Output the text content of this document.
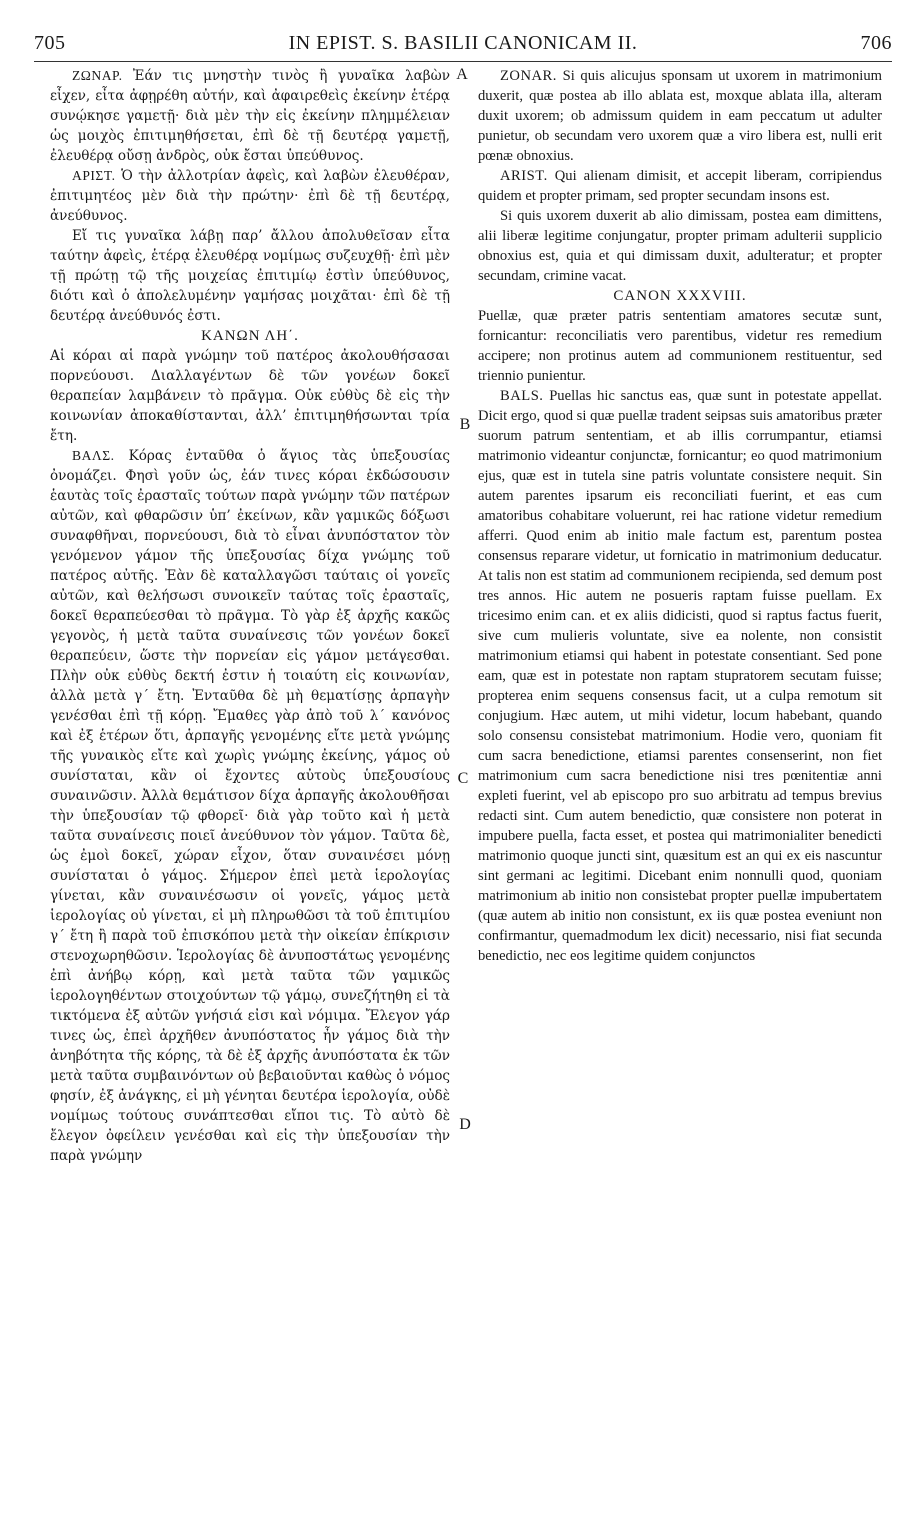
705	IN EPIST. S. BASILII CANONICAM II.	706
A
B
C
D

ΖΩΝΑΡ. Ἐάν τις μνηστὴν τινὸς ἢ γυναῖκα λαβὼν εἶχεν, εἶτα ἀφῃρέθη αὐτήν, καὶ ἀφαιρεθεὶς ἐκείνην ἑτέρᾳ συνῴκησε γαμετῇ· διὰ μὲν τὴν εἰς ἐκείνην πλημμέλειαν ὡς μοιχὸς ἐπιτιμηθήσεται, ἐπὶ δὲ τῇ δευτέρᾳ γαμετῇ, ἐλευθέρᾳ οὔσῃ ἀνδρὸς, οὐκ ἔσται ὑπεύθυνος.

ΑΡΙΣΤ. Ὁ τὴν ἀλλοτρίαν ἀφεὶς, καὶ λαβὼν ἐλευθέραν, ἐπιτιμητέος μὲν διὰ τὴν πρώτην· ἐπὶ δὲ τῇ δευτέρᾳ, ἀνεύθυνος.

Εἴ τις γυναῖκα λάβῃ παρ’ ἄλλου ἀπολυθεῖσαν εἶτα ταύτην ἀφεὶς, ἑτέρᾳ ἐλευθέρᾳ νομίμως συζευχθῇ· ἐπὶ μὲν τῇ πρώτῃ τῷ τῆς μοιχείας ἐπιτιμίῳ ἐστὶν ὑπεύθυνος, διότι καὶ ὁ ἀπολελυμένην γαμήσας μοιχᾶται· ἐπὶ δὲ τῇ δευτέρᾳ ἀνεύθυνός ἐστι.

ΚΑΝΩΝ ΛΗ΄.

Αἱ κόραι αἱ παρὰ γνώμην τοῦ πατέρος ἀκολουθήσασαι πορνεύουσι. Διαλλαγέντων δὲ τῶν γονέων δοκεῖ θεραπείαν λαμβάνειν τὸ πρᾶγμα. Οὐκ εὐθὺς δὲ εἰς τὴν κοινωνίαν ἀποκαθίστανται, ἀλλ’ ἐπιτιμηθήσωνται τρία ἔτη.

ΒΑΛΣ. Κόρας ἐνταῦθα ὁ ἅγιος τὰς ὑπεξουσίας ὀνομάζει. Φησὶ γοῦν ὡς, ἐάν τινες κόραι ἐκδώσουσιν ἑαυτὰς τοῖς ἐρασταῖς τούτων παρὰ γνώμην τῶν πατέρων αὐτῶν, καὶ φθαρῶσιν ὑπ’ ἐκείνων, κἂν γαμικῶς δόξωσι συναφθῆναι, πορνεύουσι, διὰ τὸ εἶναι ἀνυπόστατον τὸν γενόμενον γάμον τῆς ὑπεξουσίας δίχα γνώμης τοῦ πατέρος αὐτῆς. Ἐὰν δὲ καταλλαγῶσι ταύταις οἱ γονεῖς αὐτῶν, καὶ θελήσωσι συνοικεῖν ταύτας τοῖς ἐρασταῖς, δοκεῖ θεραπεύεσθαι τὸ πρᾶγμα. Τὸ γὰρ ἐξ ἀρχῆς κακῶς γεγονὸς, ἡ μετὰ ταῦτα συναίνεσις τῶν γονέων δοκεῖ θεραπεύειν, ὥστε τὴν πορνείαν εἰς γάμον μετάγεσθαι. Πλὴν οὐκ εὐθὺς δεκτή ἐστιν ἡ τοιαύτη εἰς κοινωνίαν, ἀλλὰ μετὰ γ΄ ἔτη. Ἐνταῦθα δὲ μὴ θεματίσῃς ἁρπαγὴν γενέσθαι ἐπὶ τῇ κόρῃ. Ἔμαθες γὰρ ἀπὸ τοῦ λ΄ κανόνος καὶ ἐξ ἑτέρων ὅτι, ἁρπαγῆς γενομένης εἴτε μετὰ γνώμης τῆς γυναικὸς εἴτε καὶ χωρὶς γνώμης ἐκείνης, γάμος οὐ συνίσταται, κἂν οἱ ἔχοντες αὐτοὺς ὑπεξουσίους συναινῶσιν. Ἀλλὰ θεμάτισον δίχα ἁρπαγῆς ἀκολουθῆσαι τὴν ὑπεξουσίαν τῷ φθορεῖ· διὰ γὰρ τοῦτο καὶ ἡ μετὰ ταῦτα συναίνεσις ποιεῖ ἀνεύθυνον τὸν γάμον. Ταῦτα δὲ, ὡς ἐμοὶ δοκεῖ, χώραν εἶχον, ὅταν συναινέσει μόνῃ συνίσταται ὁ γάμος. Σήμερον ἐπεὶ μετὰ ἱερολογίας γίνεται, κἂν συναινέσωσιν οἱ γονεῖς, γάμος μετὰ ἱερολογίας οὐ γίνεται, εἰ μὴ πληρωθῶσι τὰ τοῦ ἐπιτιμίου γ΄ ἔτη ἢ παρὰ τοῦ ἐπισκόπου μετὰ τὴν οἰκείαν ἐπίκρισιν στενοχωρηθῶσιν. Ἱερολογίας δὲ ἀνυποστάτως γενομένης ἐπὶ ἀνήβῳ κόρῃ, καὶ μετὰ ταῦτα τῶν γαμικῶς ἱερολογηθέντων στοιχούντων τῷ γάμῳ, συνεζήτηθη εἰ τὰ τικτόμενα ἐξ αὐτῶν γνήσιά εἰσι καὶ νόμιμα. Ἔλεγον γάρ τινες ὡς, ἐπεὶ ἀρχῆθεν ἀνυπόστατος ἦν γάμος διὰ τὴν ἀνηβότητα τῆς κόρης, τὰ δὲ ἐξ ἀρχῆς ἀνυπόστατα ἐκ τῶν μετὰ ταῦτα συμβαινόντων οὐ βεβαιοῦνται καθὼς ὁ νόμος φησίν, ἐξ ἀνάγκης, εἰ μὴ γένηται δευτέρα ἱερολογία, οὐδὲ νομίμως τούτους συνάπτεσθαι εἴποι τις. Τὸ αὐτὸ δὲ ἔλεγον ὀφείλειν γενέσθαι καὶ εἰς τὴν ὑπεξουσίαν τὴν παρὰ γνώμην

ZONAR. Si quis alicujus sponsam ut uxorem in matrimonium duxerit, quæ postea ab illo ablata est, moxque ablata illa, alteram duxit uxorem; ob admissum quidem in eam peccatum ut adulter punietur, ob secundam vero uxorem quæ a viro libera est, nulli erit pœnæ obnoxius.

ARIST. Qui alienam dimisit, et accepit liberam, corripiendus quidem et propter primam, sed propter secundam insons est.

Si quis uxorem duxerit ab alio dimissam, postea eam dimittens, alii liberæ legitime conjungatur, propter primam adulterii supplicio obnoxius est, quia et qui dimissam duxit, adulteratur; et propter secundam, crimine vacat.

CANON XXXVIII.

Puellæ, quæ præter patris sententiam amatores secutæ sunt, fornicantur: reconciliatis vero parentibus, videtur res remedium accipere; non protinus autem ad communionem restituentur, sed triennio punientur.

BALS. Puellas hic sanctus eas, quæ sunt in potestate appellat. Dicit ergo, quod si quæ puellæ tradent seipsas suis amatoribus præter suorum patrum sententiam, et ab illis corrumpantur, etiamsi matrimonio videantur conjunctæ, fornicantur; eo quod matrimonium ejus, quæ est in tutela sine patris voluntate consistere nequit. Sin autem parentes ipsarum eis reconciliati fuerint, et eas cum amatoribus cohabitare voluerunt, rei hac ratione videtur remedium afferri. Quod enim ab initio male factum est, parentum postea consensus reparare videtur, ut fornicatio in matrimonium deducatur. At talis non est statim ad communionem recipienda, sed demum post tres annos. Hic autem ne posueris raptam fuisse puellam. Ex tricesimo enim can. et ex aliis didicisti, quod si raptus factus fuerit, sive cum mulieris voluntate, sive ea nolente, non consistit matrimonium etiamsi qui habent in potestate consentiant. Sed pone eam, quæ est in potestate non raptam stupratorem secutam fuisse; propterea enim sequens consensus facit, ut a culpa remotum sit conjugium. Hæc autem, ut mihi videtur, locum habebant, quando solo consensu consistebat matrimonium. Hodie vero, quoniam fit cum sacra benedictione, etiamsi parentes consenserint, non fiet matrimonium cum sacra benedictione nisi tres pœnitentiæ anni expleti fuerint, vel ab episcopo pro suo arbitratu ad tempus brevius redacti sint. Cum autem benedictio, quæ consistere non poterat in impubere puella, facta esset, et postea qui matrimonialiter benedicti matrimonio quoque juncti sint, quæsitum est an qui ex eis nascuntur sint germani ac legitimi. Dicebant enim nonnulli quod, quoniam matrimonium ab initio non consistebat propter puellæ impubertatem (quæ autem ab initio non consistunt, ex iis quæ postea eveniunt non confirmantur, quemadmodum lex dicit) necessario, nisi fiat secunda benedictio, nec eos legitime quidem conjunctos
